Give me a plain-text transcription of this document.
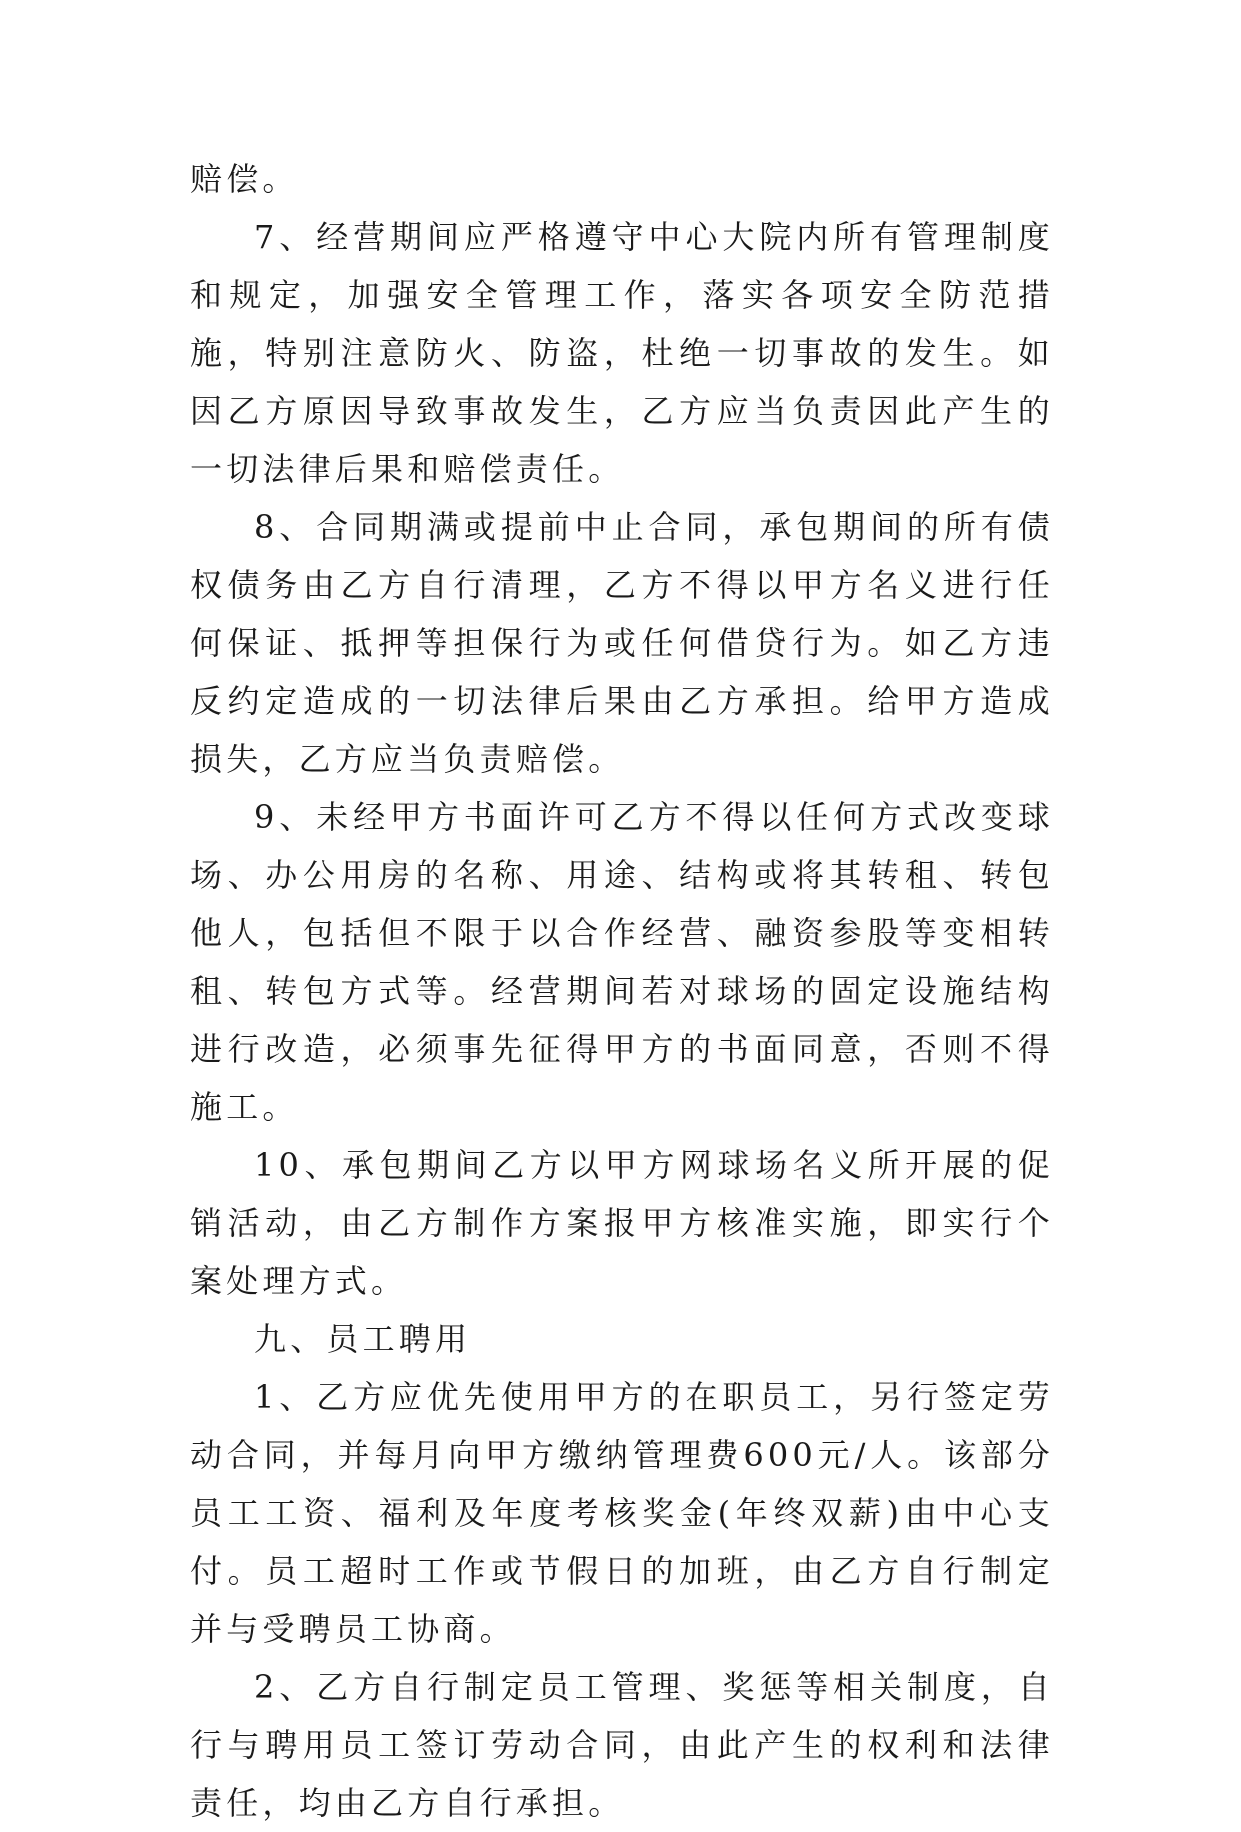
赔偿。

7、经营期间应严格遵守中心大院内所有管理制度和规定，加强安全管理工作，落实各项安全防范措施，特别注意防火、防盗，杜绝一切事故的发生。如因乙方原因导致事故发生，乙方应当负责因此产生的一切法律后果和赔偿责任。

8、合同期满或提前中止合同，承包期间的所有债权债务由乙方自行清理，乙方不得以甲方名义进行任何保证、抵押等担保行为或任何借贷行为。如乙方违反约定造成的一切法律后果由乙方承担。给甲方造成损失，乙方应当负责赔偿。

9、未经甲方书面许可乙方不得以任何方式改变球场、办公用房的名称、用途、结构或将其转租、转包他人，包括但不限于以合作经营、融资参股等变相转租、转包方式等。经营期间若对球场的固定设施结构进行改造，必须事先征得甲方的书面同意，否则不得施工。

10、承包期间乙方以甲方网球场名义所开展的促销活动，由乙方制作方案报甲方核准实施，即实行个案处理方式。

九、员工聘用

1、乙方应优先使用甲方的在职员工，另行签定劳动合同，并每月向甲方缴纳管理费600元/人。该部分员工工资、福利及年度考核奖金(年终双薪)由中心支付。员工超时工作或节假日的加班，由乙方自行制定并与受聘员工协商。

2、乙方自行制定员工管理、奖惩等相关制度，自行与聘用员工签订劳动合同，由此产生的权利和法律责任，均由乙方自行承担。
